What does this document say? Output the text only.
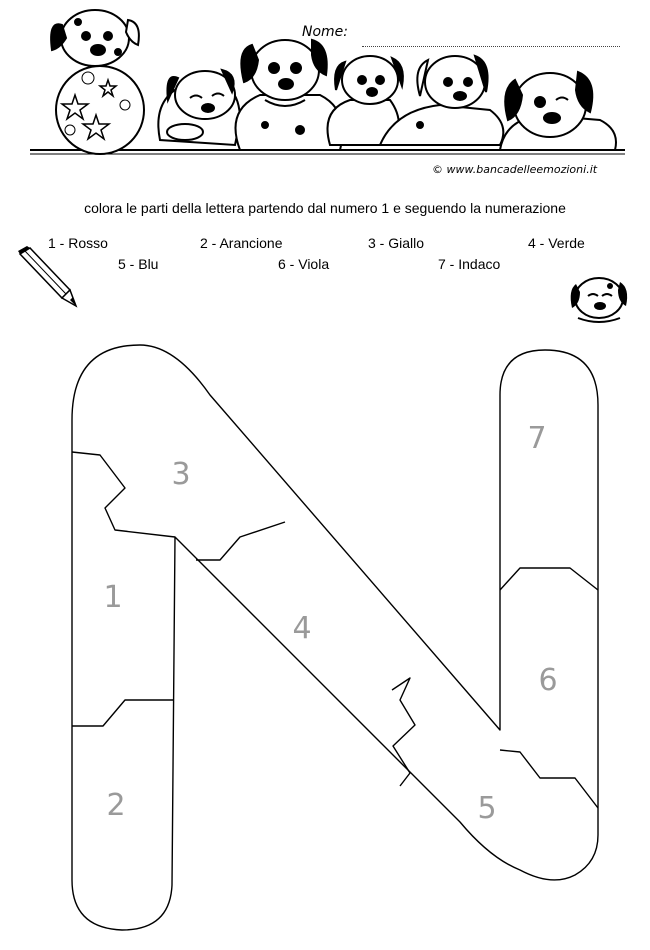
Nome:
© www.bancadelleemozioni.it
colora le parti della lettera partendo dal numero 1 e seguendo la numerazione
1 - Rosso	2 - Arancione	3 - Giallo	4 - Verde
5 - Blu	6 - Viola	7 - Indaco
3
1
4
2	5
6
7
